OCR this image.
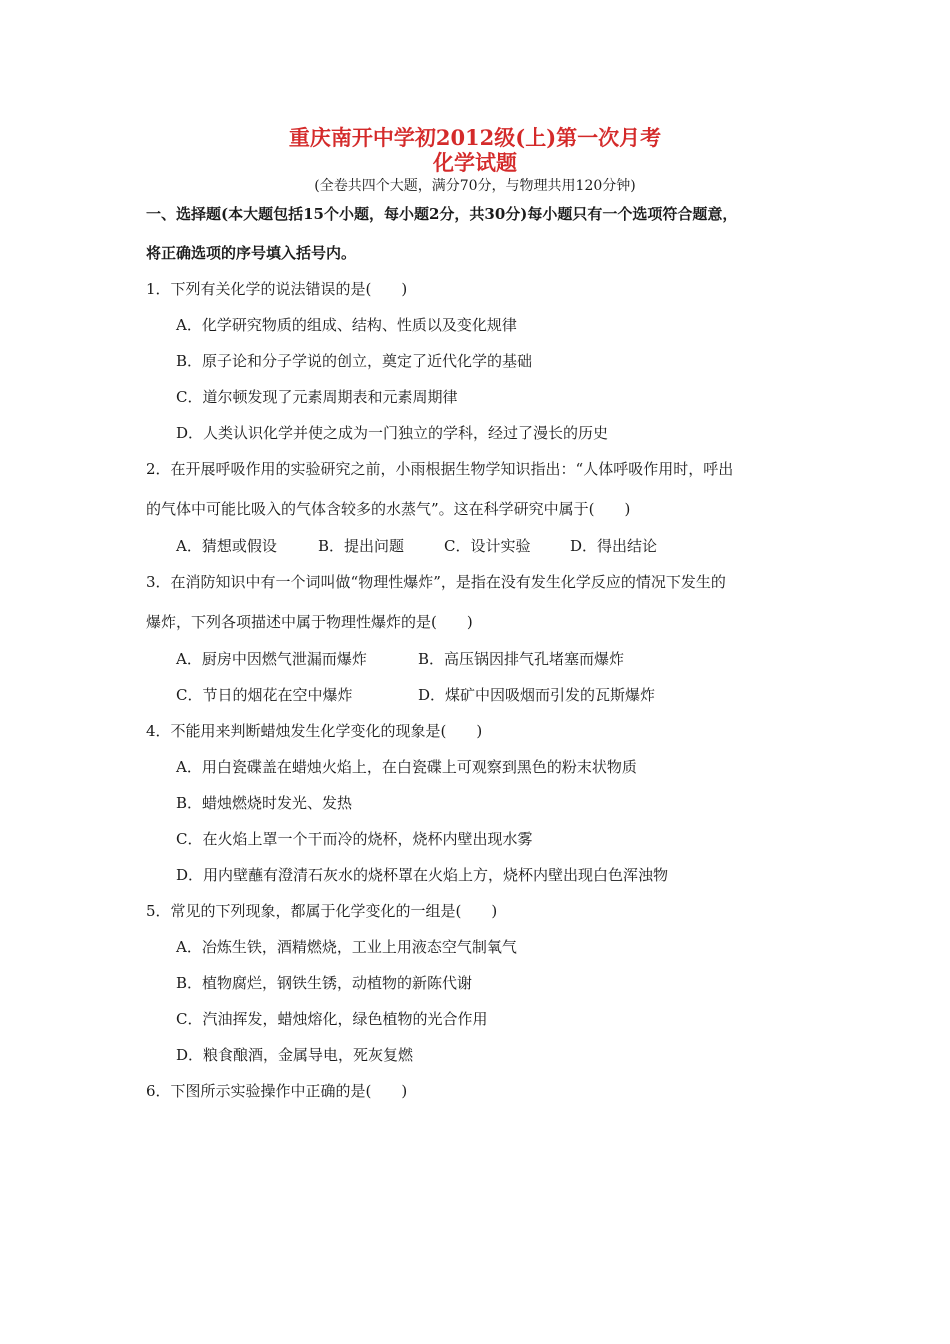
重庆南开中学初2012级(上)第一次月考
化学试题
(全卷共四个大题，满分70分，与物理共用120分钟)
一、选择题(本大题包括15个小题，每小题2分，共30分)每小题只有一个选项符合题意，
将正确选项的序号填入括号内。
1．下列有关化学的说法错误的是(　　)
A．化学研究物质的组成、结构、性质以及变化规律
B．原子论和分子学说的创立，奠定了近代化学的基础
C．道尔顿发现了元素周期表和元素周期律
D．人类认识化学并使之成为一门独立的学科，经过了漫长的历史
2．在开展呼吸作用的实验研究之前，小雨根据生物学知识指出：“人体呼吸作用时，呼出
的气体中可能比吸入的气体含较多的水蒸气”。这在科学研究中属于(　　)
A．猜想或假设	B．提出问题	C．设计实验	D．得出结论
3．在消防知识中有一个词叫做“物理性爆炸”，是指在没有发生化学反应的情况下发生的
爆炸，下列各项描述中属于物理性爆炸的是(　　)
A．厨房中因燃气泄漏而爆炸	B．高压锅因排气孔堵塞而爆炸
C．节日的烟花在空中爆炸	D．煤矿中因吸烟而引发的瓦斯爆炸
4．不能用来判断蜡烛发生化学变化的现象是(　　)
A．用白瓷碟盖在蜡烛火焰上，在白瓷碟上可观察到黑色的粉末状物质
B．蜡烛燃烧时发光、发热
C．在火焰上罩一个干而冷的烧杯，烧杯内壁出现水雾
D．用内壁蘸有澄清石灰水的烧杯罩在火焰上方，烧杯内壁出现白色浑浊物
5．常见的下列现象，都属于化学变化的一组是(　　)
A．冶炼生铁，酒精燃烧，工业上用液态空气制氧气
B．植物腐烂，钢铁生锈，动植物的新陈代谢
C．汽油挥发，蜡烛熔化，绿色植物的光合作用
D．粮食酿酒，金属导电，死灰复燃
6．下图所示实验操作中正确的是(　　)
